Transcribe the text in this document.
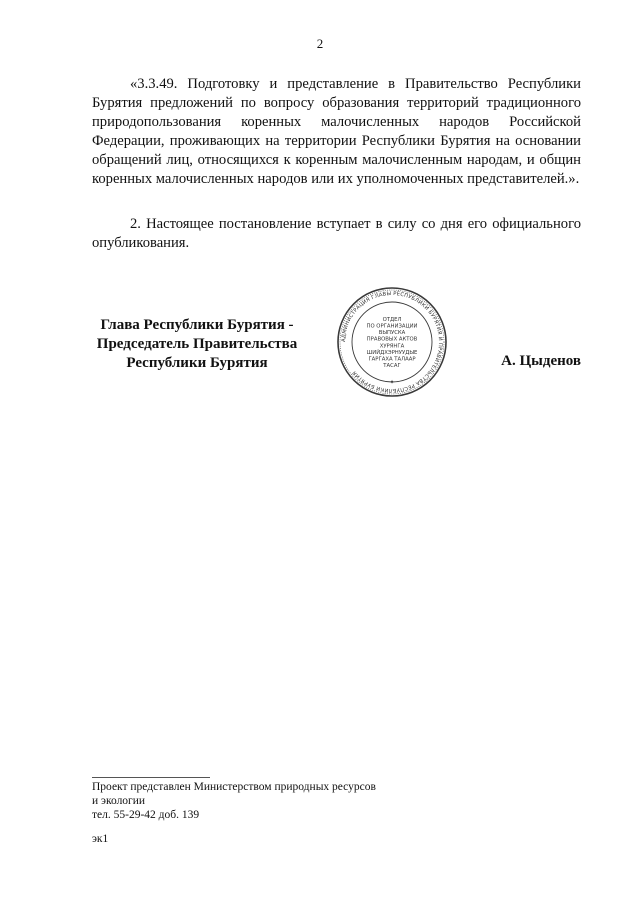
2

«3.3.49. Подготовку и представление в Правительство Республики Бурятия предложений по вопросу образования территорий традиционного природопользования коренных малочисленных народов Российской Федерации, проживающих на территории Республики Бурятия на основании обращений лиц, относящихся к коренным малочисленным народам, и общин коренных малочисленных народов или их уполномоченных представителей.».

2. Настоящее постановление вступает в силу со дня его официального опубликования.

Глава Республики Бурятия -
Председатель Правительства
Республики Бурятия
АДМИНИСТРАЦИЯ ГЛАВЫ РЕСПУБЛИКИ БУРЯТИЯ И ПРАВИТЕЛЬСТВА РЕСПУБЛИКИ БУРЯТИЯ
ОТДЕЛ
ПО ОРГАНИЗАЦИИ
ВЫПУСКА
ПРАВОВЫХ АКТОВ
ХУРЯНГА
ШИЙДХЭРНУУДЫЕ
ГАРГАХА ТАЛААР
ТАСАГ
✦
А. Цыденов
Проект представлен Министерством природных ресурсов
и экологии
тел. 55-29-42 доб. 139
эк1
